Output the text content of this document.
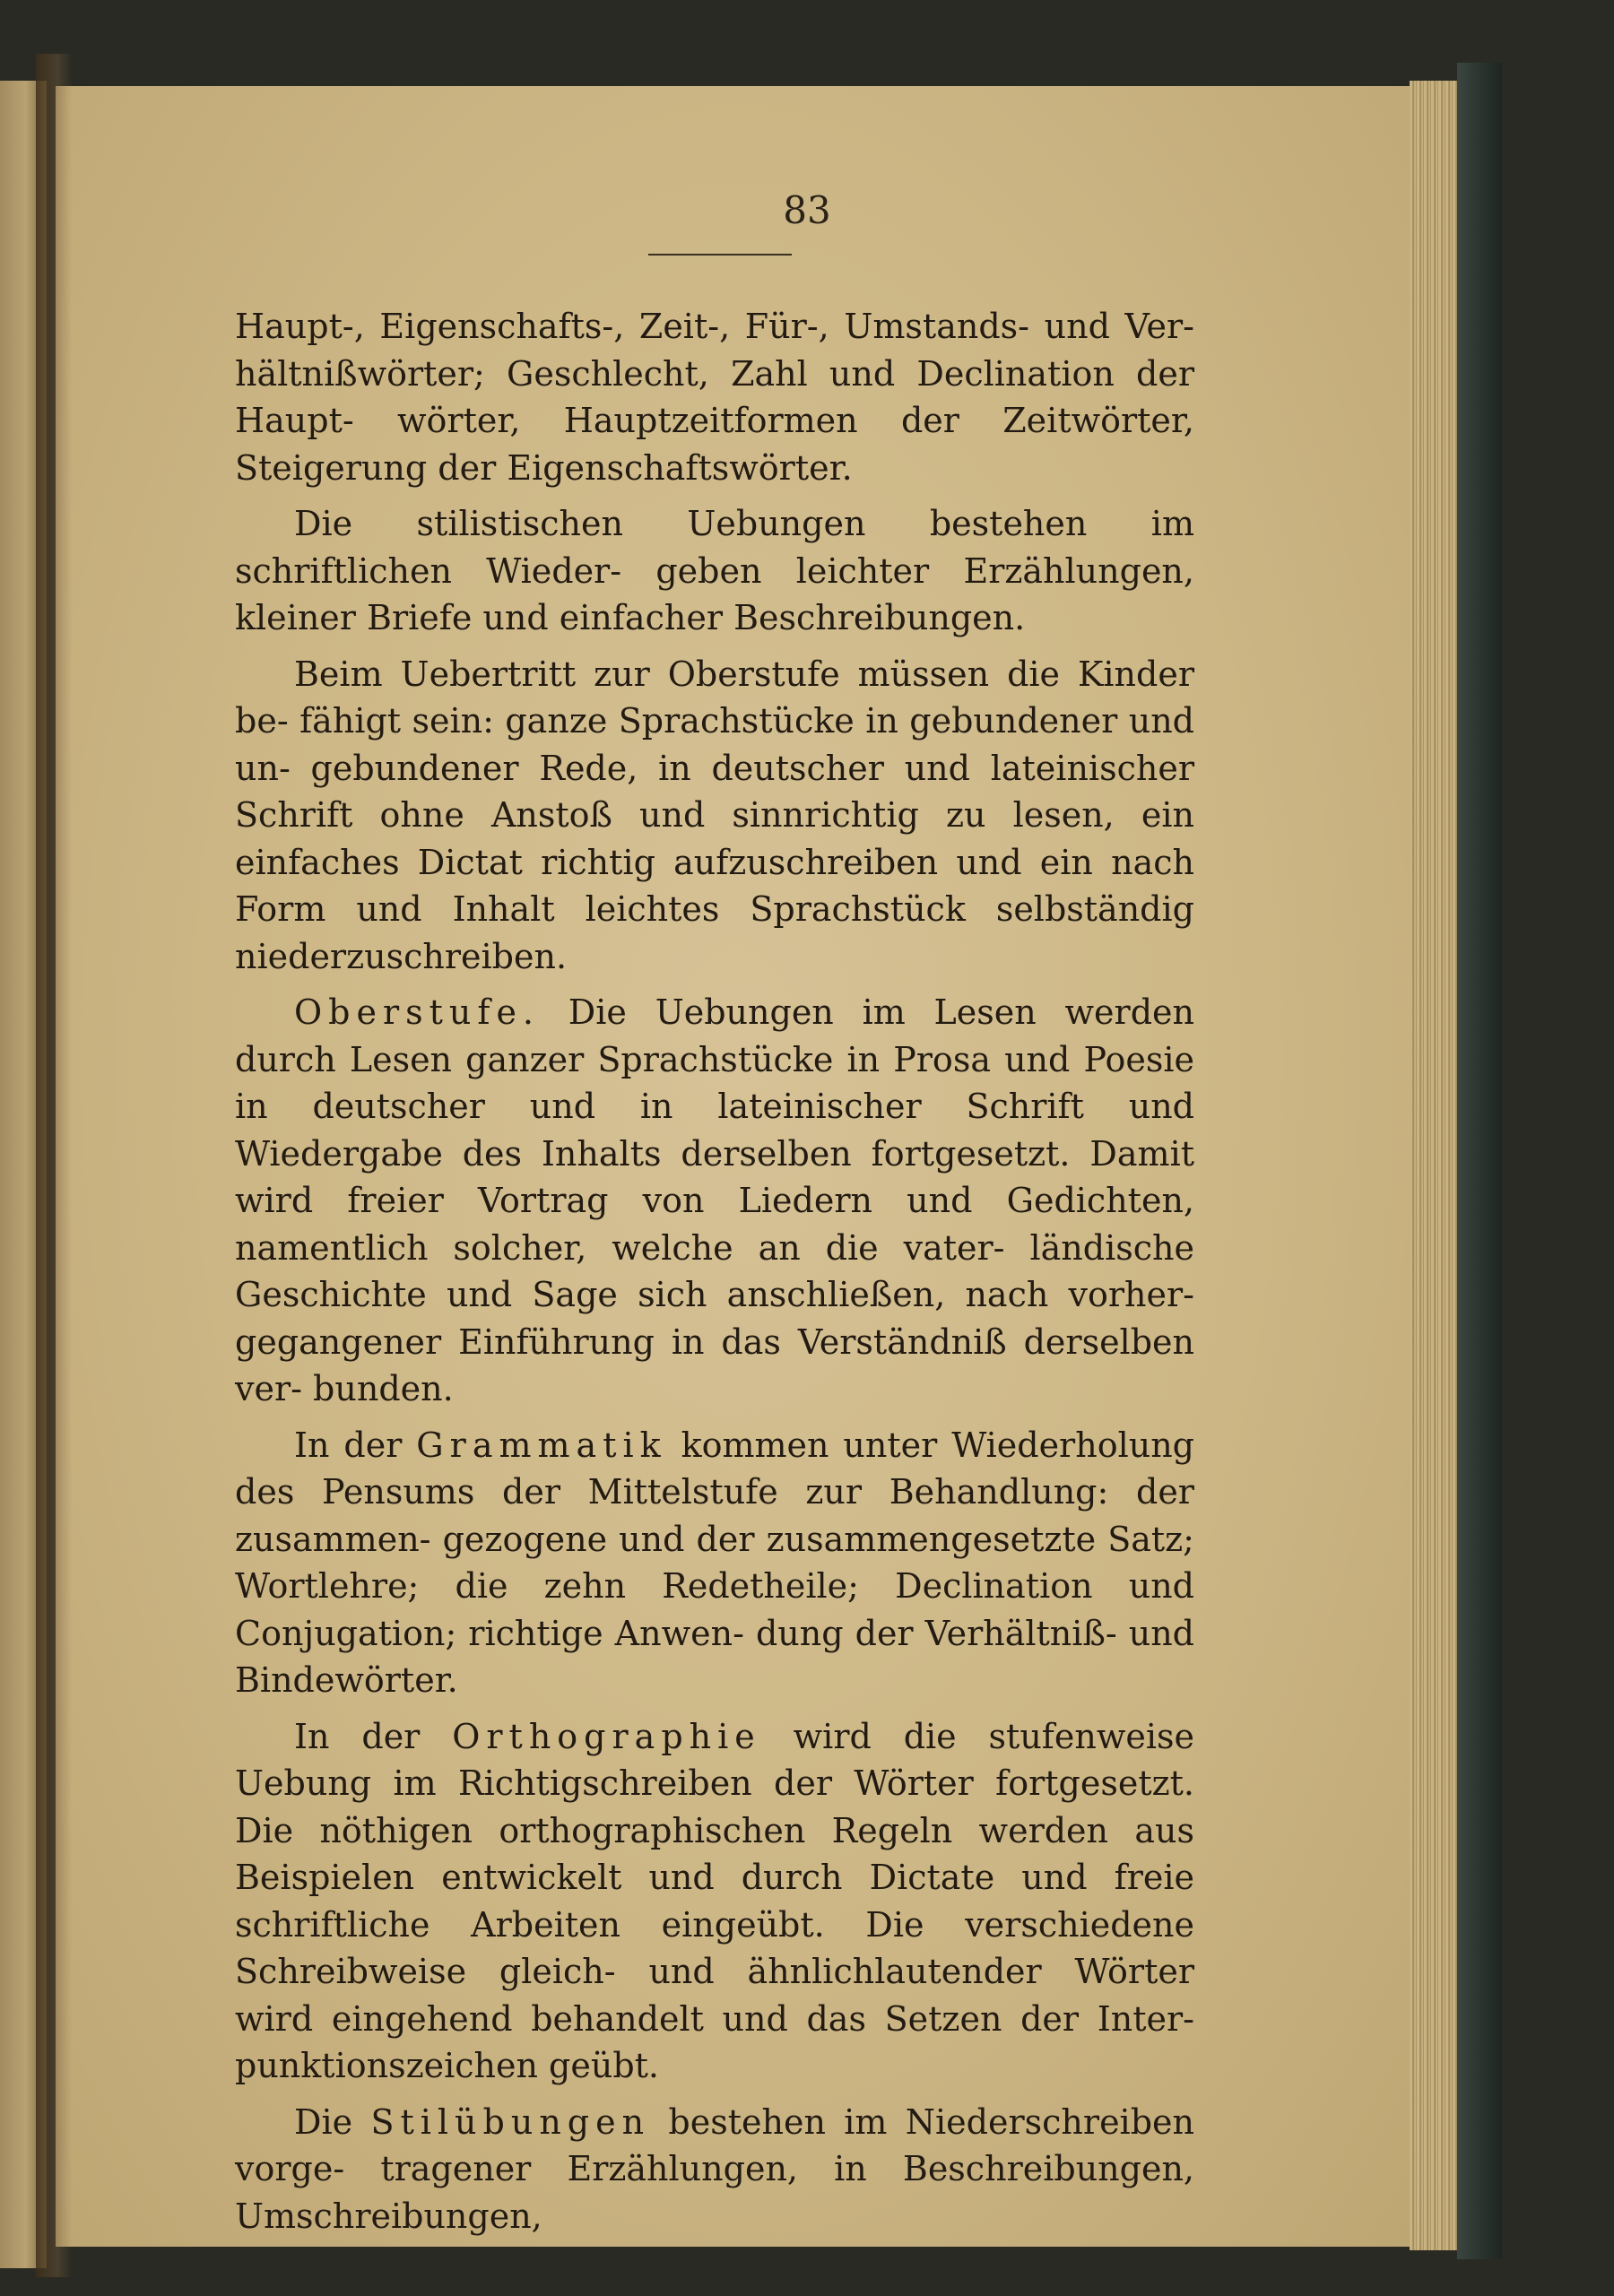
83

Haupt-, Eigenschafts-, Zeit-, Für-, Umstands- und Ver- hältnißwörter; Geschlecht, Zahl und Declination der Haupt- wörter, Hauptzeitformen der Zeitwörter, Steigerung der Eigenschaftswörter.

Die stilistischen Uebungen bestehen im schriftlichen Wieder- geben leichter Erzählungen, kleiner Briefe und einfacher Beschreibungen.

Beim Uebertritt zur Oberstufe müssen die Kinder be- fähigt sein: ganze Sprachstücke in gebundener und un- gebundener Rede, in deutscher und lateinischer Schrift ohne Anstoß und sinnrichtig zu lesen, ein einfaches Dictat richtig aufzuschreiben und ein nach Form und Inhalt leichtes Sprachstück selbständig niederzuschreiben.

Oberstufe. Die Uebungen im Lesen werden durch Lesen ganzer Sprachstücke in Prosa und Poesie in deutscher und in lateinischer Schrift und Wiedergabe des Inhalts derselben fortgesetzt. Damit wird freier Vortrag von Liedern und Gedichten, namentlich solcher, welche an die vater- ländische Geschichte und Sage sich anschließen, nach vorher- gegangener Einführung in das Verständniß derselben ver- bunden.

In der Grammatik kommen unter Wiederholung des Pensums der Mittelstufe zur Behandlung: der zusammen- gezogene und der zusammengesetzte Satz; Wortlehre; die zehn Redetheile; Declination und Conjugation; richtige Anwen- dung der Verhältniß- und Bindewörter.

In der Orthographie wird die stufenweise Uebung im Richtigschreiben der Wörter fortgesetzt. Die nöthigen orthographischen Regeln werden aus Beispielen entwickelt und durch Dictate und freie schriftliche Arbeiten eingeübt. Die verschiedene Schreibweise gleich- und ähnlichlautender Wörter wird eingehend behandelt und das Setzen der Inter- punktionszeichen geübt.

Die Stilübungen bestehen im Niederschreiben vorge- tragener Erzählungen, in Beschreibungen, Umschreibungen,
